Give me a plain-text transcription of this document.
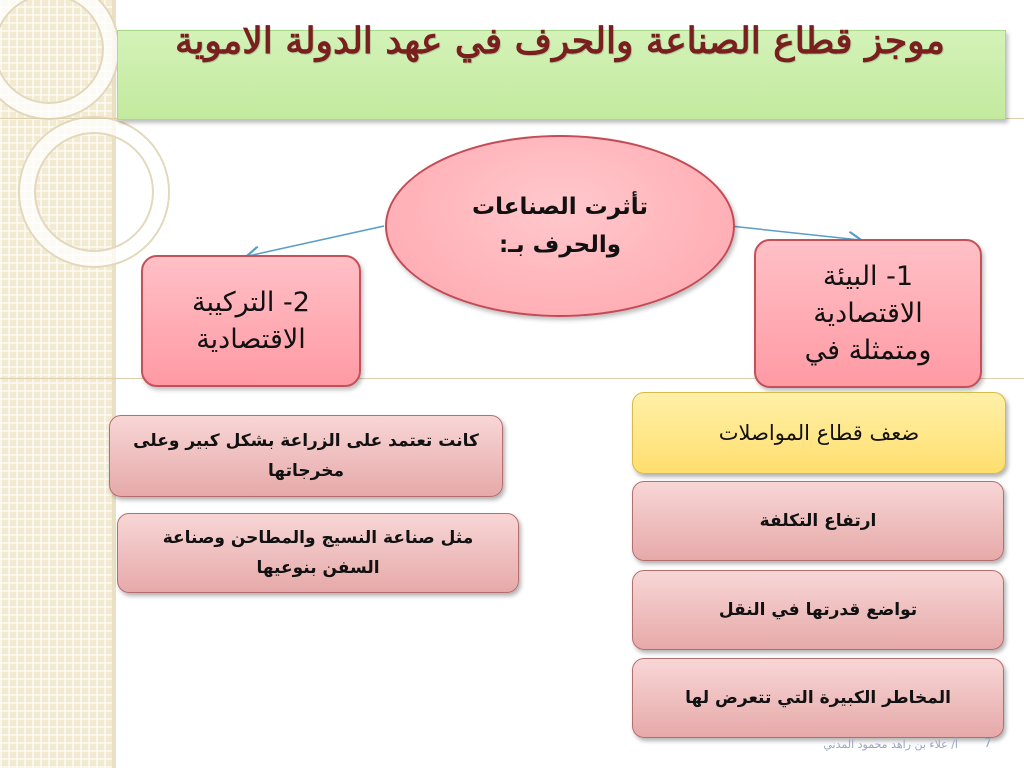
موجز قطاع الصناعة والحرف في عهد الدولة الاموية
تأثرت الصناعات والحرف بـ:
2- التركيبة الاقتصادية
كانت تعتمد على الزراعة بشكل كبير وعلى مخرجاتها
مثل صناعة النسيج والمطاحن وصناعة السفن بنوعيها
1- البيئة الاقتصادية ومتمثلة في
ضعف قطاع المواصلات
ارتفاع التكلفة
تواضع قدرتها في النقل
المخاطر الكبيرة التي تتعرض لها
أ/ علاء بن راهد محمود المدني 7
